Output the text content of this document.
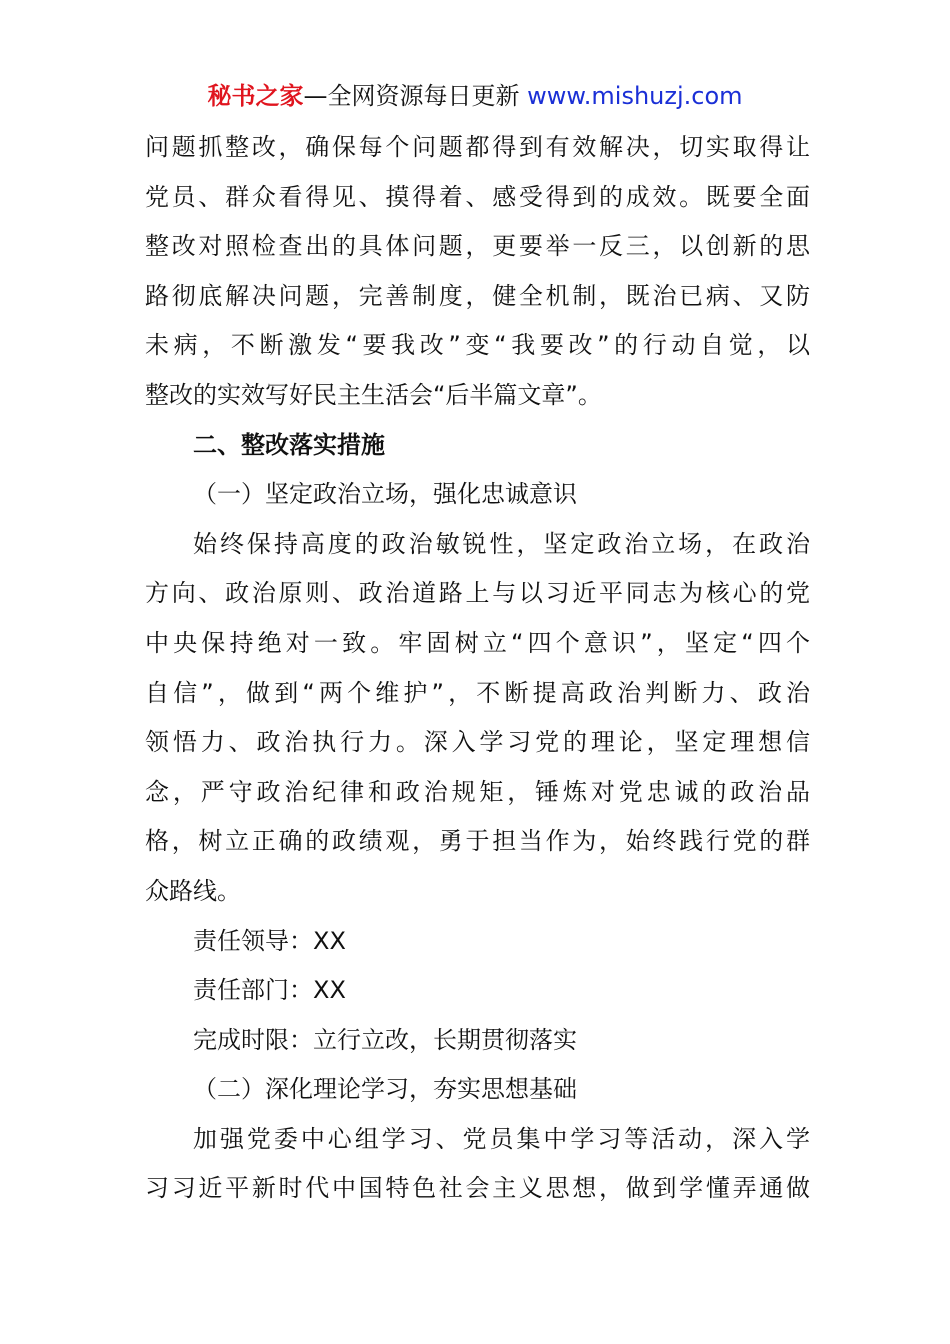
秘书之家—全网资源每日更新 www.mishuzj.com
问题抓整改，确保每个问题都得到有效解决，切实取得让
党员、群众看得见、摸得着、感受得到的成效。既要全面
整改对照检查出的具体问题，更要举一反三，以创新的思
路彻底解决问题，完善制度，健全机制，既治已病、又防
未病，不断激发“要我改”变“我要改”的行动自觉，以
整改的实效写好民主生活会“后半篇文章”。
二、整改落实措施
（一）坚定政治立场，强化忠诚意识
始终保持高度的政治敏锐性，坚定政治立场，在政治
方向、政治原则、政治道路上与以习近平同志为核心的党
中央保持绝对一致。牢固树立“四个意识”，坚定“四个
自信”，做到“两个维护”，不断提高政治判断力、政治
领悟力、政治执行力。深入学习党的理论，坚定理想信
念，严守政治纪律和政治规矩，锤炼对党忠诚的政治品
格，树立正确的政绩观，勇于担当作为，始终践行党的群
众路线。
责任领导：XX
责任部门：XX
完成时限：立行立改，长期贯彻落实
（二）深化理论学习，夯实思想基础
加强党委中心组学习、党员集中学习等活动，深入学
习习近平新时代中国特色社会主义思想，做到学懂弄通做
